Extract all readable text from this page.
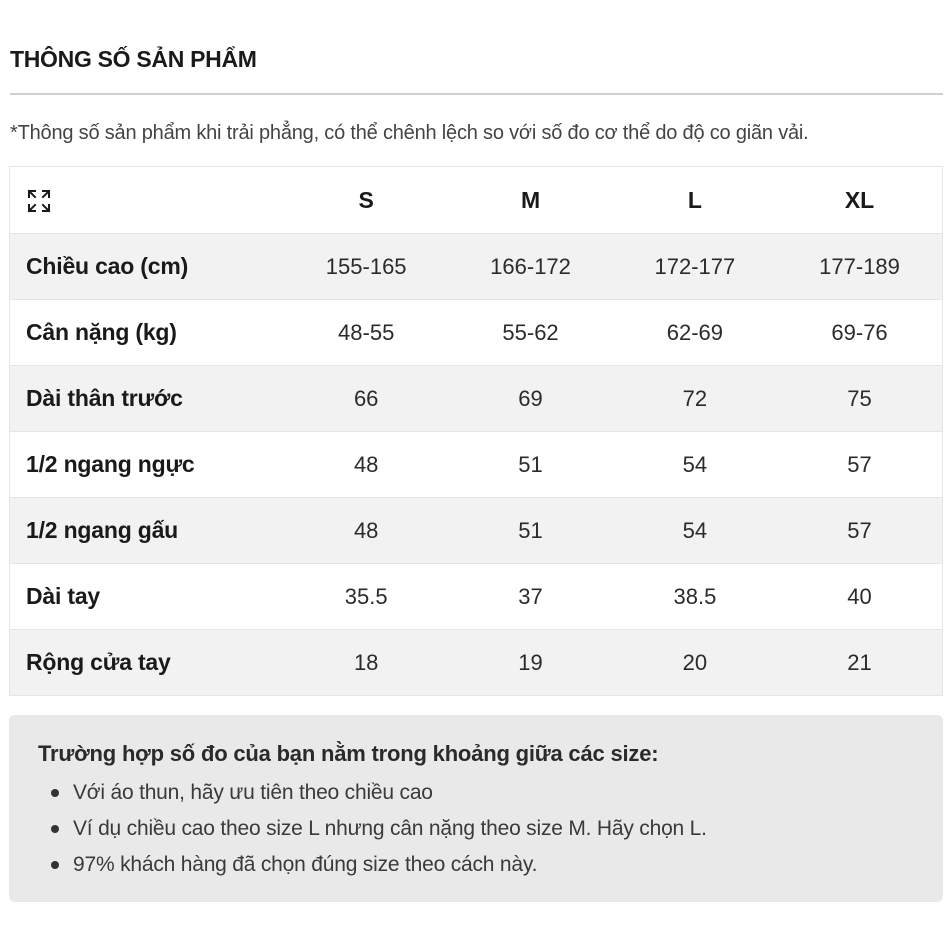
THÔNG SỐ SẢN PHẨM
*Thông số sản phẩm khi trải phẳng, có thể chênh lệch so với số đo cơ thể do độ co giãn vải.
	S	M	L	XL
Chiều cao (cm)	155-165	166-172	172-177	177-189
Cân nặng (kg)	48-55	55-62	62-69	69-76
Dài thân trước	66	69	72	75
1/2 ngang ngực	48	51	54	57
1/2 ngang gấu	48	51	54	57
Dài tay	35.5	37	38.5	40
Rộng cửa tay	18	19	20	21
Trường hợp số đo của bạn nằm trong khoảng giữa các size:
Với áo thun, hãy ưu tiên theo chiều cao
Ví dụ chiều cao theo size L nhưng cân nặng theo size M. Hãy chọn L.
97% khách hàng đã chọn đúng size theo cách này.
